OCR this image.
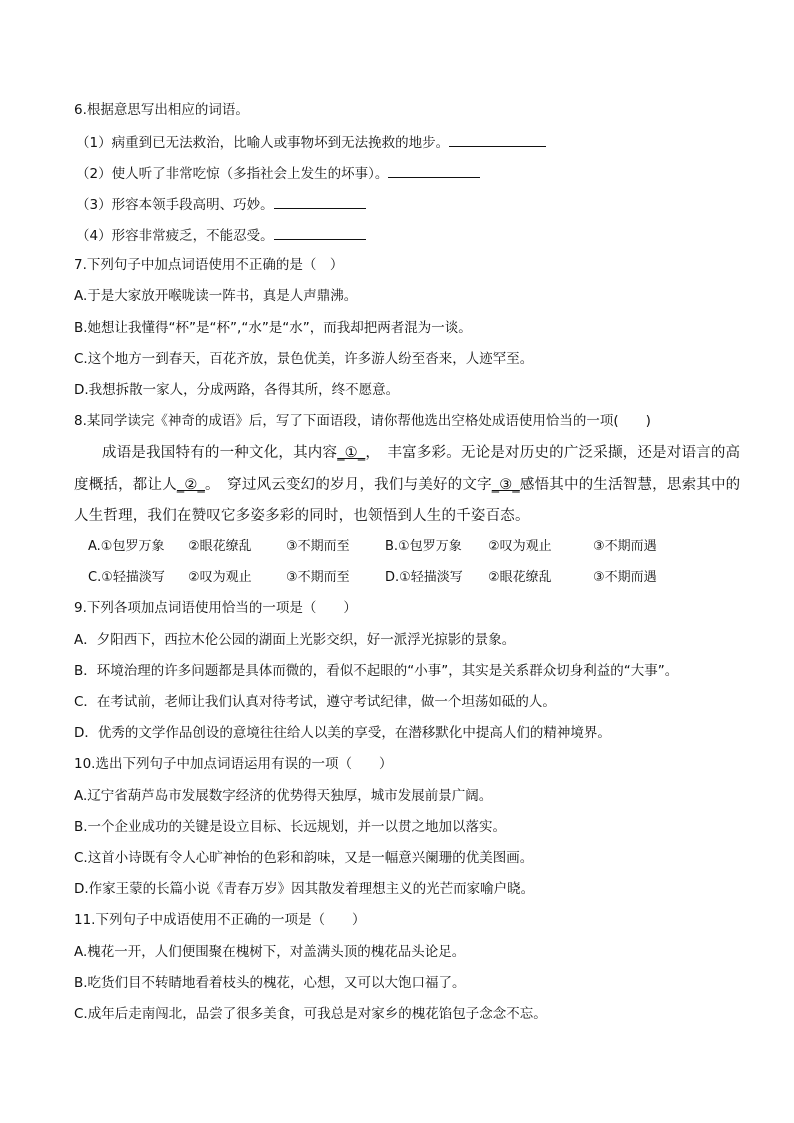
6.根据意思写出相应的词语。
（1）病重到已无法救治，比喻人或事物坏到无法挽救的地步。
（2）使人听了非常吃惊（多指社会上发生的坏事）。
（3）形容本领手段高明、巧妙。
（4）形容非常疲乏，不能忍受。
7.下列句子中加点词语使用不正确的是（　）
A.于是大家放开喉咙读一阵书，真是人声鼎沸。
B.她想让我懂得“杯”是“杯”,“水”是“水”，而我却把两者混为一谈。
C.这个地方一到春天，百花齐放，景色优美，许多游人纷至沓来，人迹罕至。
D.我想拆散一家人，分成两路，各得其所，终不愿意。
8.某同学读完《神奇的成语》后，写了下面语段，请你帮他选出空格处成语使用恰当的一项(　　)
成语是我国特有的一种文化，其内容_①_，　丰富多彩。无论是对历史的广泛采撷，还是对语言的高
度概括，都让人_②_。　穿过风云变幻的岁月，我们与美好的文字_③_感悟其中的生活智慧，思索其中的
人生哲理，我们在赞叹它多姿多彩的同时，也领悟到人生的千姿百态。
A.①包罗万象 ②眼花缭乱	③不期而至	B.①包罗万象 ②叹为观止	③不期而遇
C.①轻描淡写 ②叹为观止	③不期而至	D.①轻描淡写 ②眼花缭乱	③不期而遇
9.下列各项加点词语使用恰当的一项是（　　）
A．夕阳西下，西拉木伦公园的湖面上光影交织，好一派浮光掠影的景象。
B．环境治理的许多问题都是具体而微的，看似不起眼的“小事”，其实是关系群众切身利益的“大事”。
C．在考试前，老师让我们认真对待考试，遵守考试纪律，做一个坦荡如砥的人。
D．优秀的文学作品创设的意境往往给人以美的享受，在潜移默化中提高人们的精神境界。
10.选出下列句子中加点词语运用有误的一项（　　）
A.辽宁省葫芦岛市发展数字经济的优势得天独厚，城市发展前景广阔。
B.一个企业成功的关键是设立目标、长远规划，并一以贯之地加以落实。
C.这首小诗既有令人心旷神怡的色彩和韵味，又是一幅意兴阑珊的优美图画。
D.作家王蒙的长篇小说《青春万岁》因其散发着理想主义的光芒而家喻户晓。
11.下列句子中成语使用不正确的一项是（　　）
A.槐花一开，人们便围聚在槐树下，对盖满头顶的槐花品头论足。
B.吃货们目不转睛地看着枝头的槐花，心想，又可以大饱口福了。
C.成年后走南闯北，品尝了很多美食，可我总是对家乡的槐花馅包子念念不忘。
